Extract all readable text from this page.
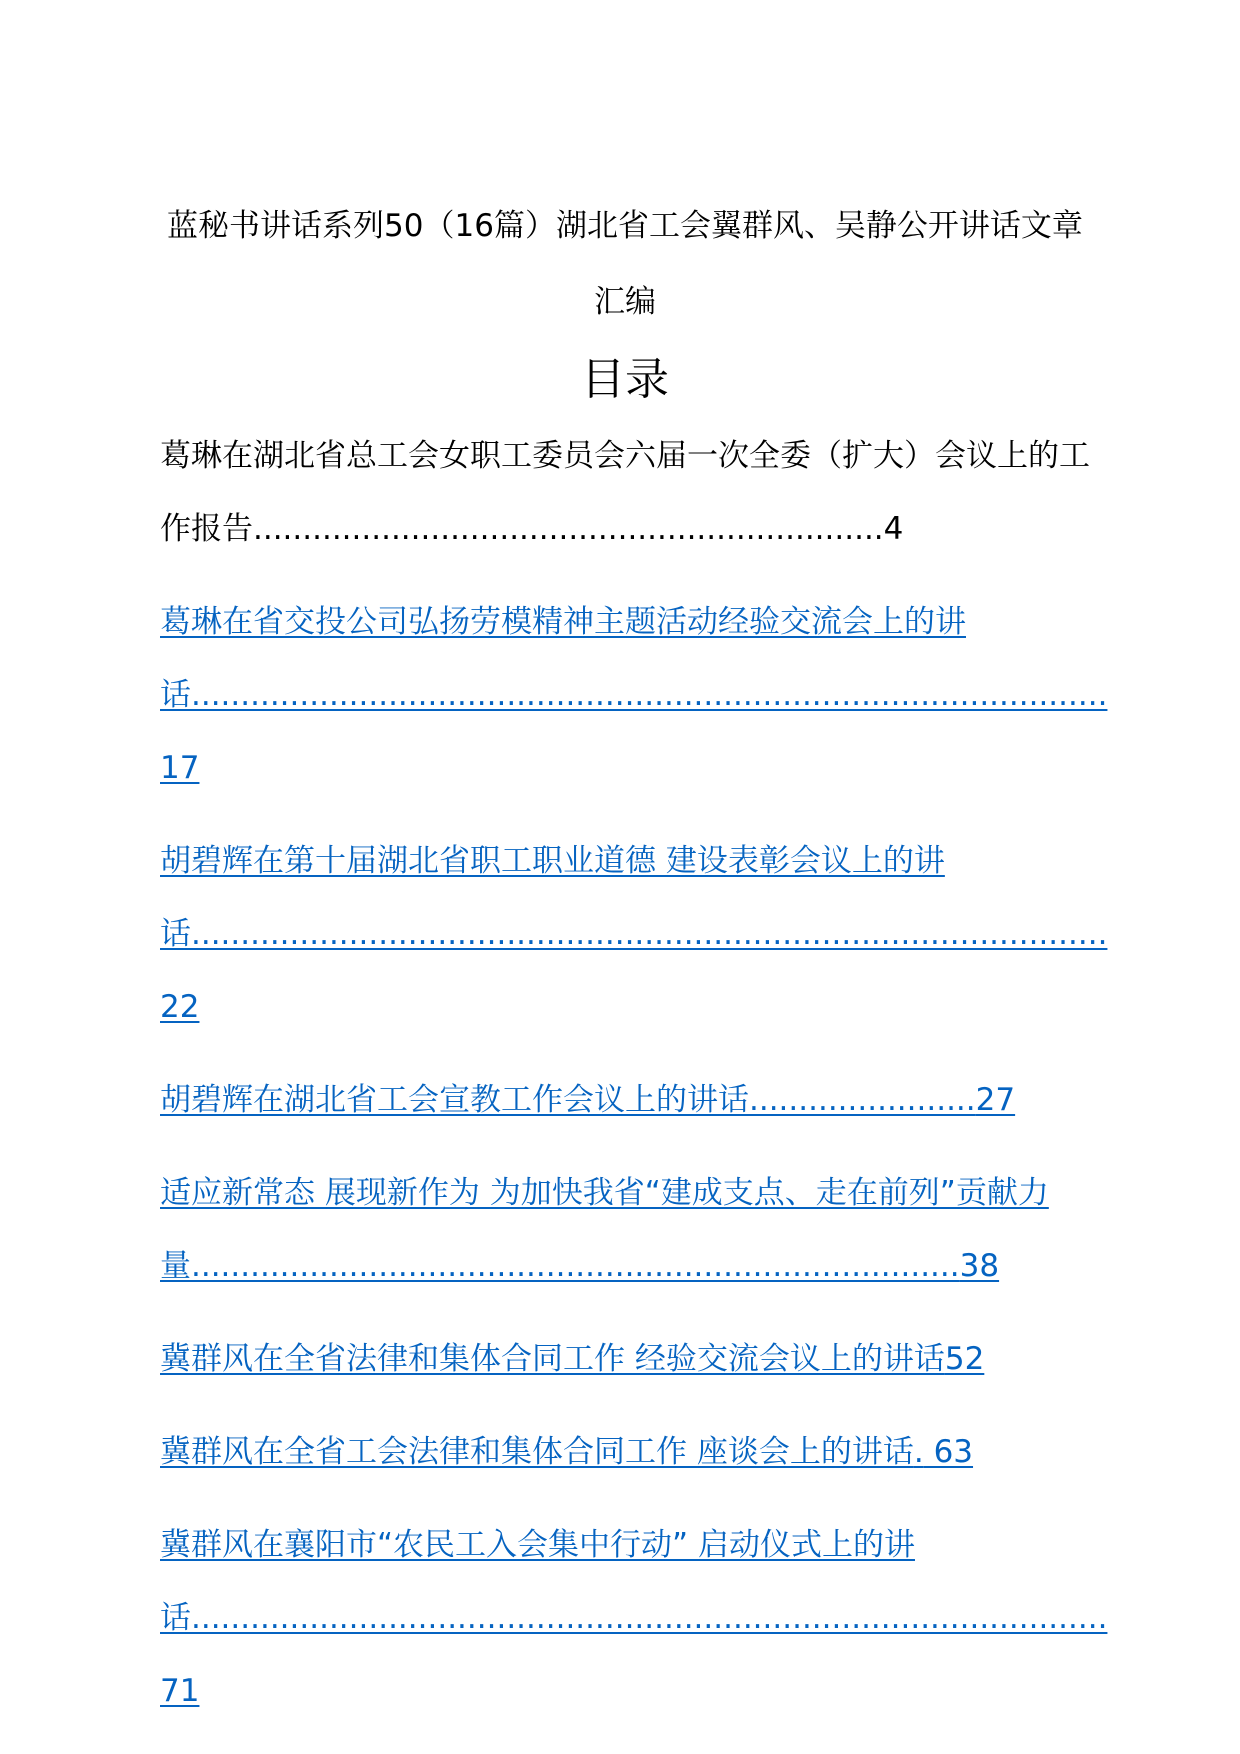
蓝秘书讲话系列50（16篇）湖北省工会翼群风、吴静公开讲话文章汇编
目录
葛琳在湖北省总工会女职工委员会六届一次全委（扩大）会议上的工作报告................................................................4
葛琳在省交投公司弘扬劳模精神主题活动经验交流会上的讲话.............................................................................................17
胡碧辉在第十届湖北省职工职业道德 建设表彰会议上的讲话.............................................................................................22
胡碧辉在湖北省工会宣教工作会议上的讲话.......................27
适应新常态 展现新作为 为加快我省“建成支点、走在前列”贡献力量..............................................................................38
冀群风在全省法律和集体合同工作 经验交流会议上的讲话52
冀群风在全省工会法律和集体合同工作 座谈会上的讲话. 63
冀群风在襄阳市“农民工入会集中行动” 启动仪式上的讲话.............................................................................................71
